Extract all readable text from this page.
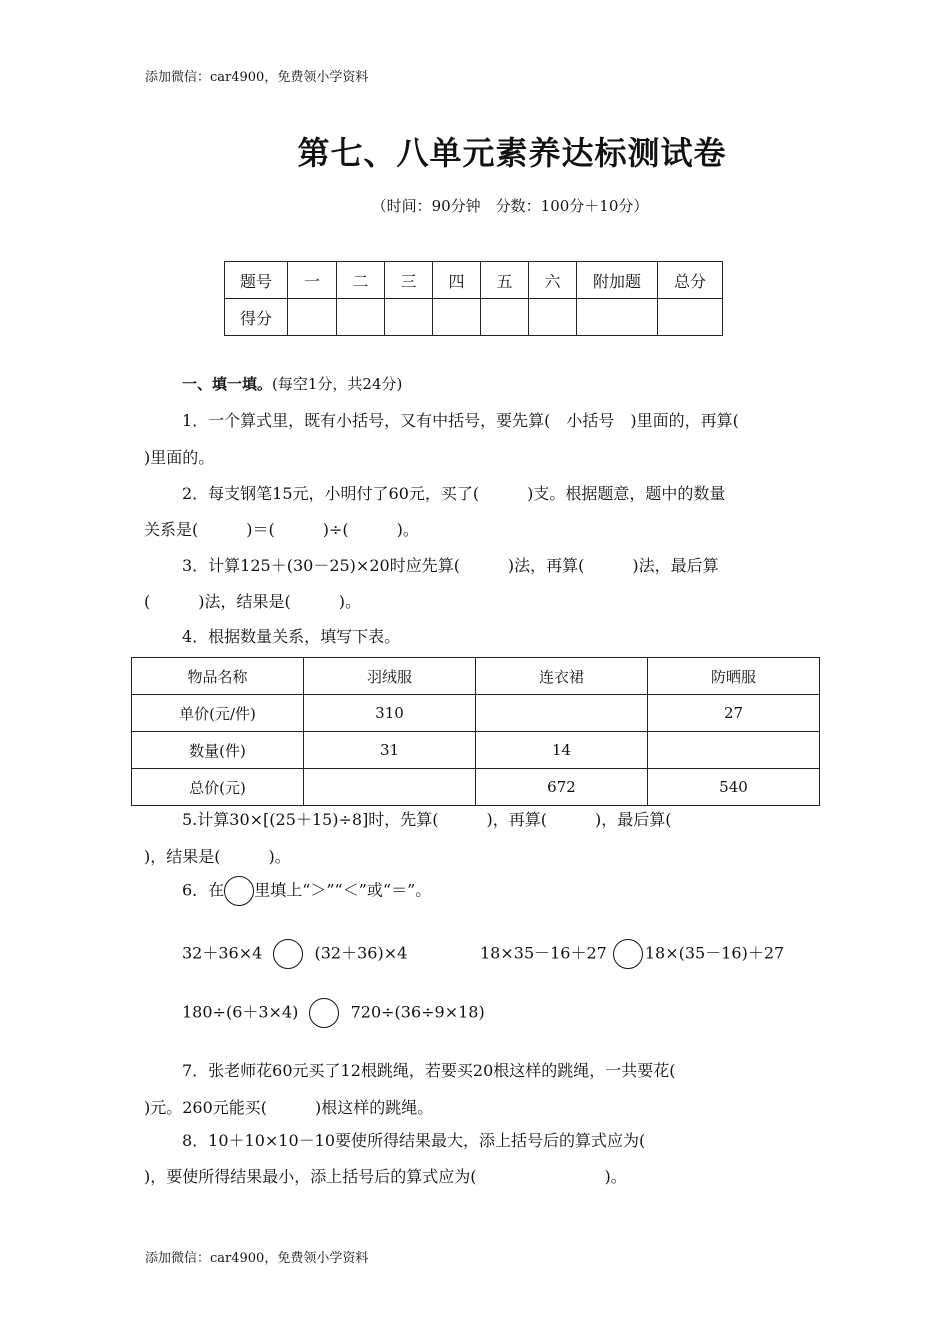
添加微信：car4900，免费领小学资料
第七、八单元素养达标测试卷
（时间：90分钟　分数：100分＋10分）
题号	一	二	三	四	五	六	附加题	总分
得分								
一、填一填。(每空1分，共24分)
1．一个算式里，既有小括号，又有中括号，要先算(　小括号　)里面的，再算(
)里面的。
2．每支钢笔15元，小明付了60元，买了(　　　)支。根据题意，题中的数量
关系是(　　　)＝(　　　)÷(　　　)。
3．计算125＋(30－25)×20时应先算(　　　)法，再算(　　　)法，最后算
(　　　)法，结果是(　　　)。
4．根据数量关系，填写下表。
物品名称	羽绒服	连衣裙	防晒服
单价(元/件)	310		27
数量(件)	31	14	
总价(元)		672	540
5.计算30×[(25＋15)÷8]时，先算(　　　)，再算(　　　)，最后算(
)，结果是(　　　)。
6．在 里填上“＞”“＜”或“＝”。
32＋36×4	(32＋36)×4	18×35－16＋27 18×(35－16)＋27
180÷(6＋3×4)	720÷(36÷9×18)
7．张老师花60元买了12根跳绳，若要买20根这样的跳绳，一共要花(
)元。260元能买(　　　)根这样的跳绳。
8．10＋10×10－10要使所得结果最大，添上括号后的算式应为(
)，要使所得结果最小，添上括号后的算式应为(　　　　　　　　)。
添加微信：car4900，免费领小学资料
